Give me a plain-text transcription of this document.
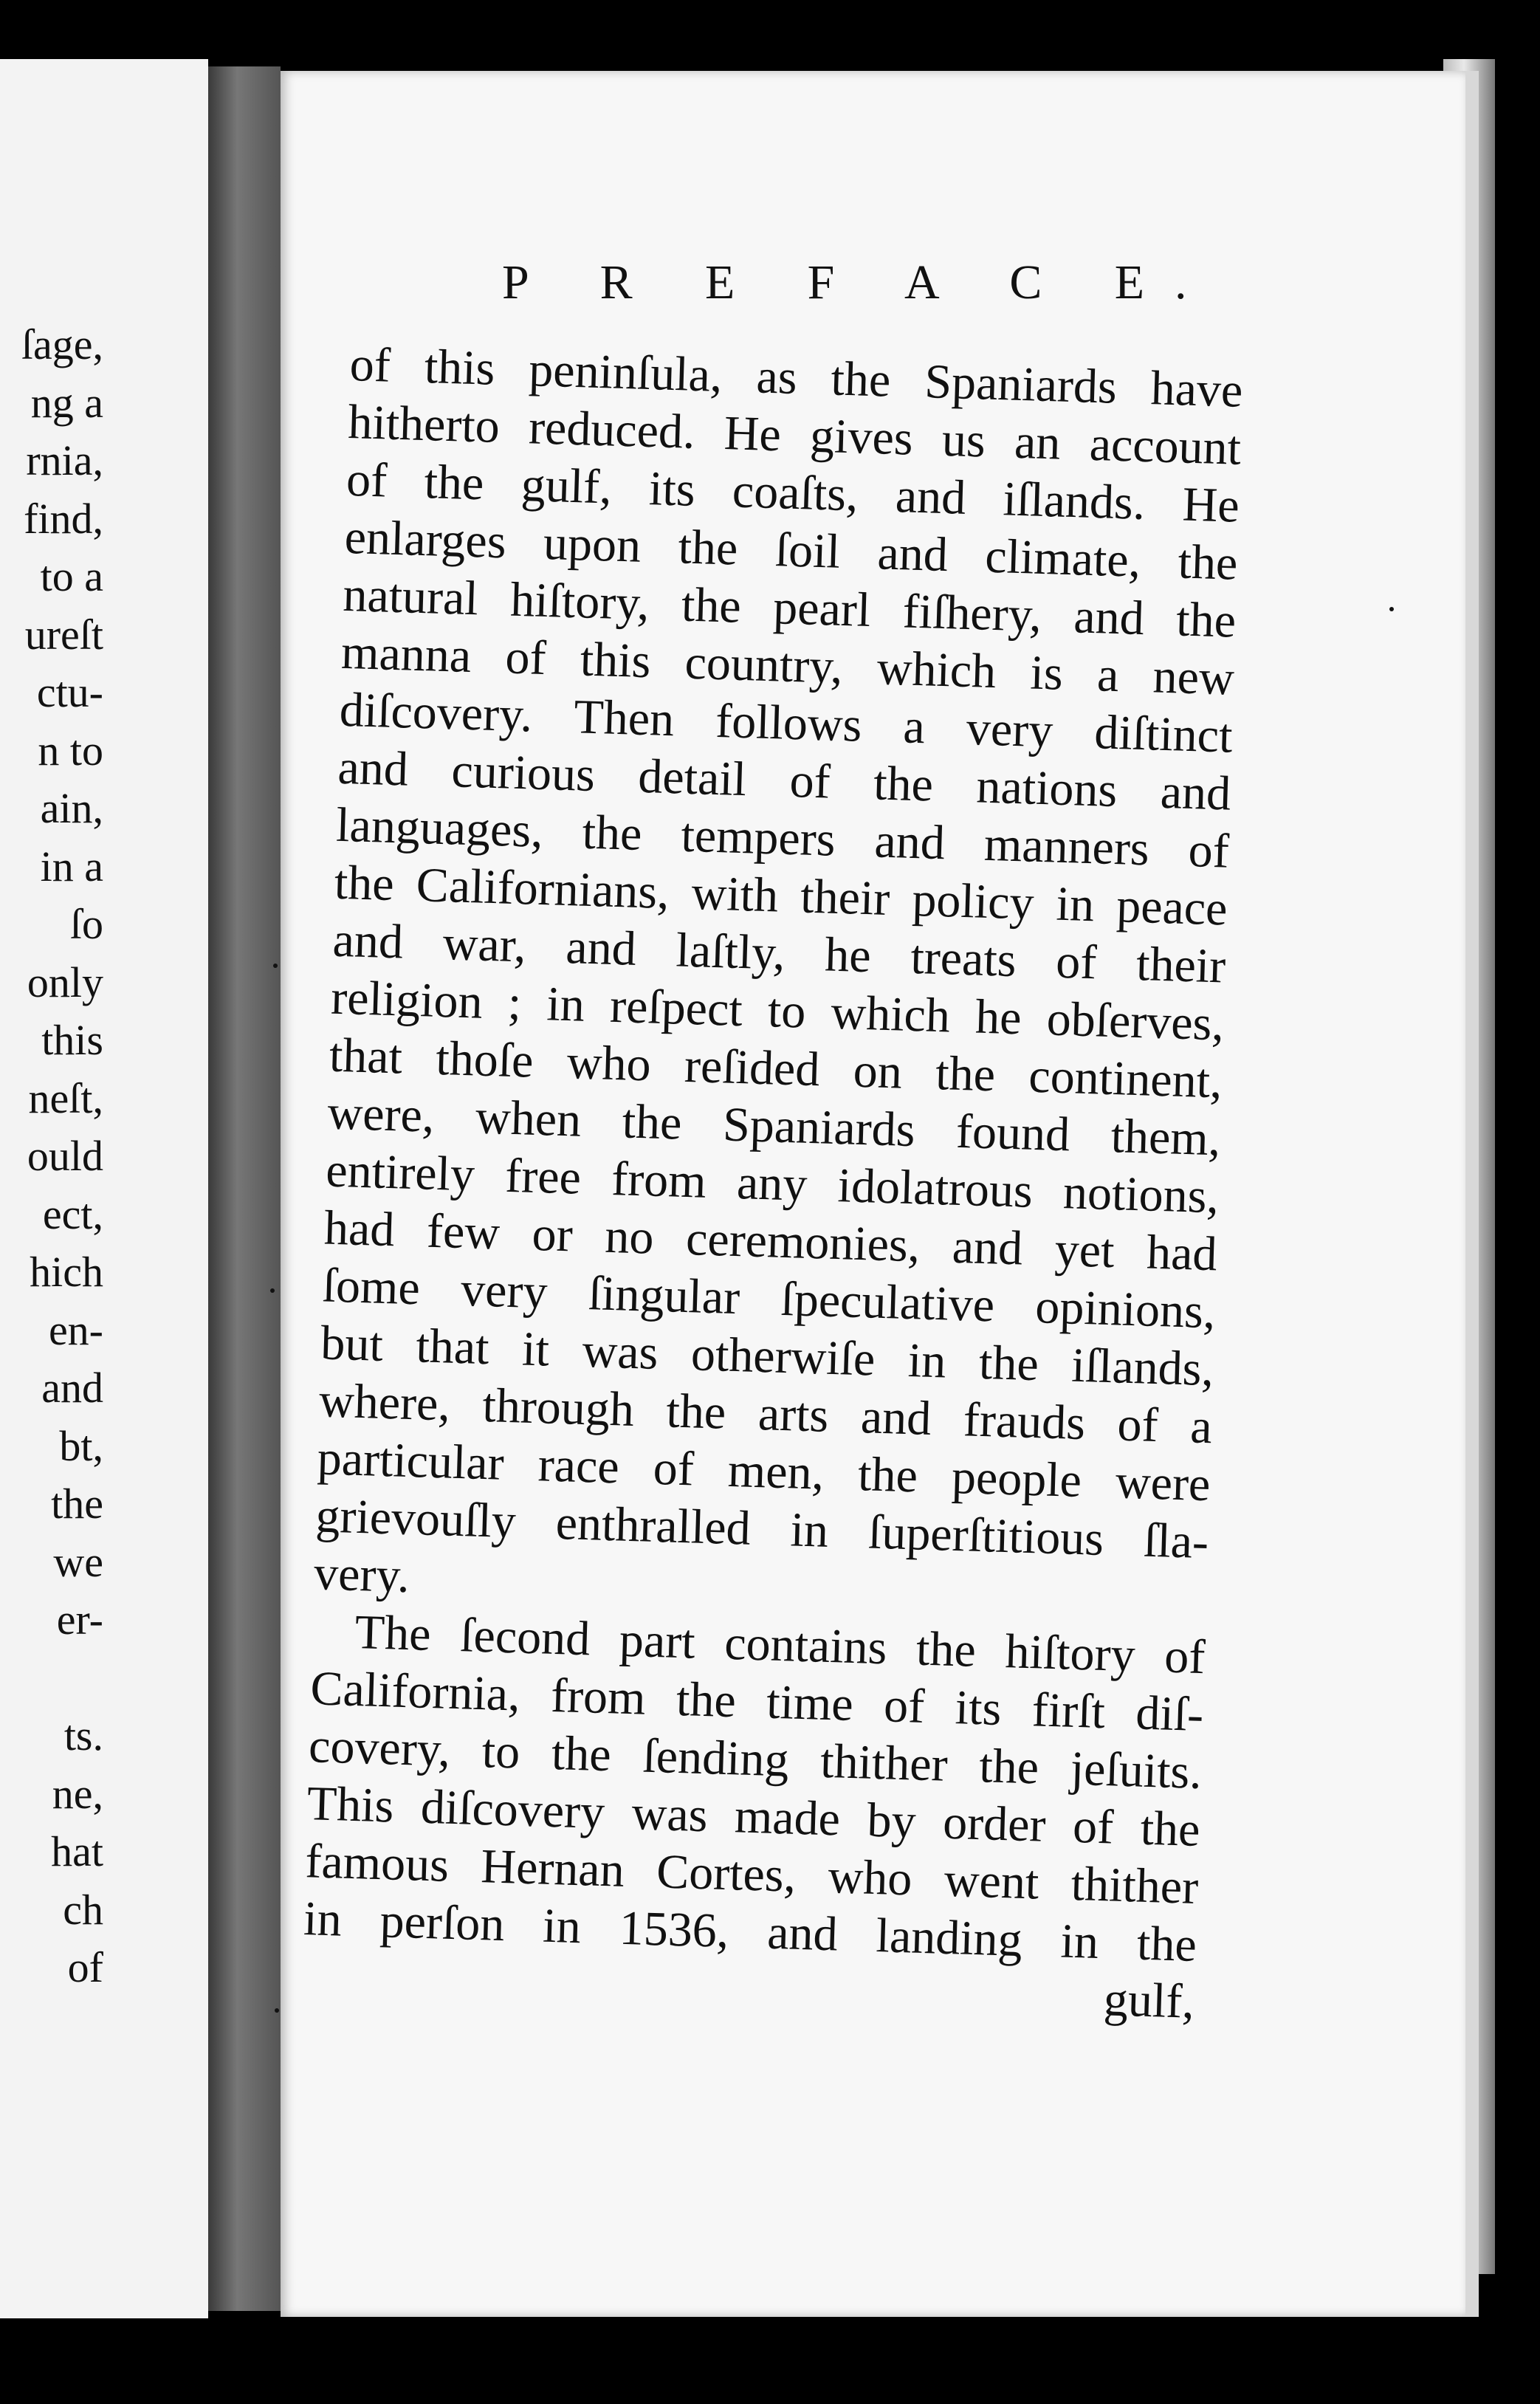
ſage,
ng a
rnia,
find,
to a
ureſt
ctu-
n to
ain,
in a
ſo
only
this
neſt,
ould
ect,
hich
en-
and
bt,
the
we
er-
ts.
ne,
hat
ch
of
P R E F A C E.
of this peninſula, as the Spaniards have
hitherto reduced. He gives us an account
of the gulf, its coaſts, and iſlands. He
enlarges upon the ſoil and climate, the
natural hiſtory, the pearl fiſhery, and the
manna of this country, which is a new
diſcovery. Then follows a very diſtinct
and curious detail of the nations and
languages, the tempers and manners of
the Californians, with their policy in peace
and war, and laſtly, he treats of their
religion ; in reſpect to which he obſerves,
that thoſe who reſided on the continent,
were, when the Spaniards found them,
entirely free from any idolatrous notions,
had few or no ceremonies, and yet had
ſome very ſingular ſpeculative opinions,
but that it was otherwiſe in the iſlands,
where, through the arts and frauds of a
particular race of men, the people were
grievouſly enthralled in ſuperſtitious ſla-
very.
The ſecond part contains the hiſtory of
California, from the time of its firſt diſ-
covery, to the ſending thither the jeſuits.
This diſcovery was made by order of the
famous Hernan Cortes, who went thither
in perſon in 1536, and landing in the
gulf,
